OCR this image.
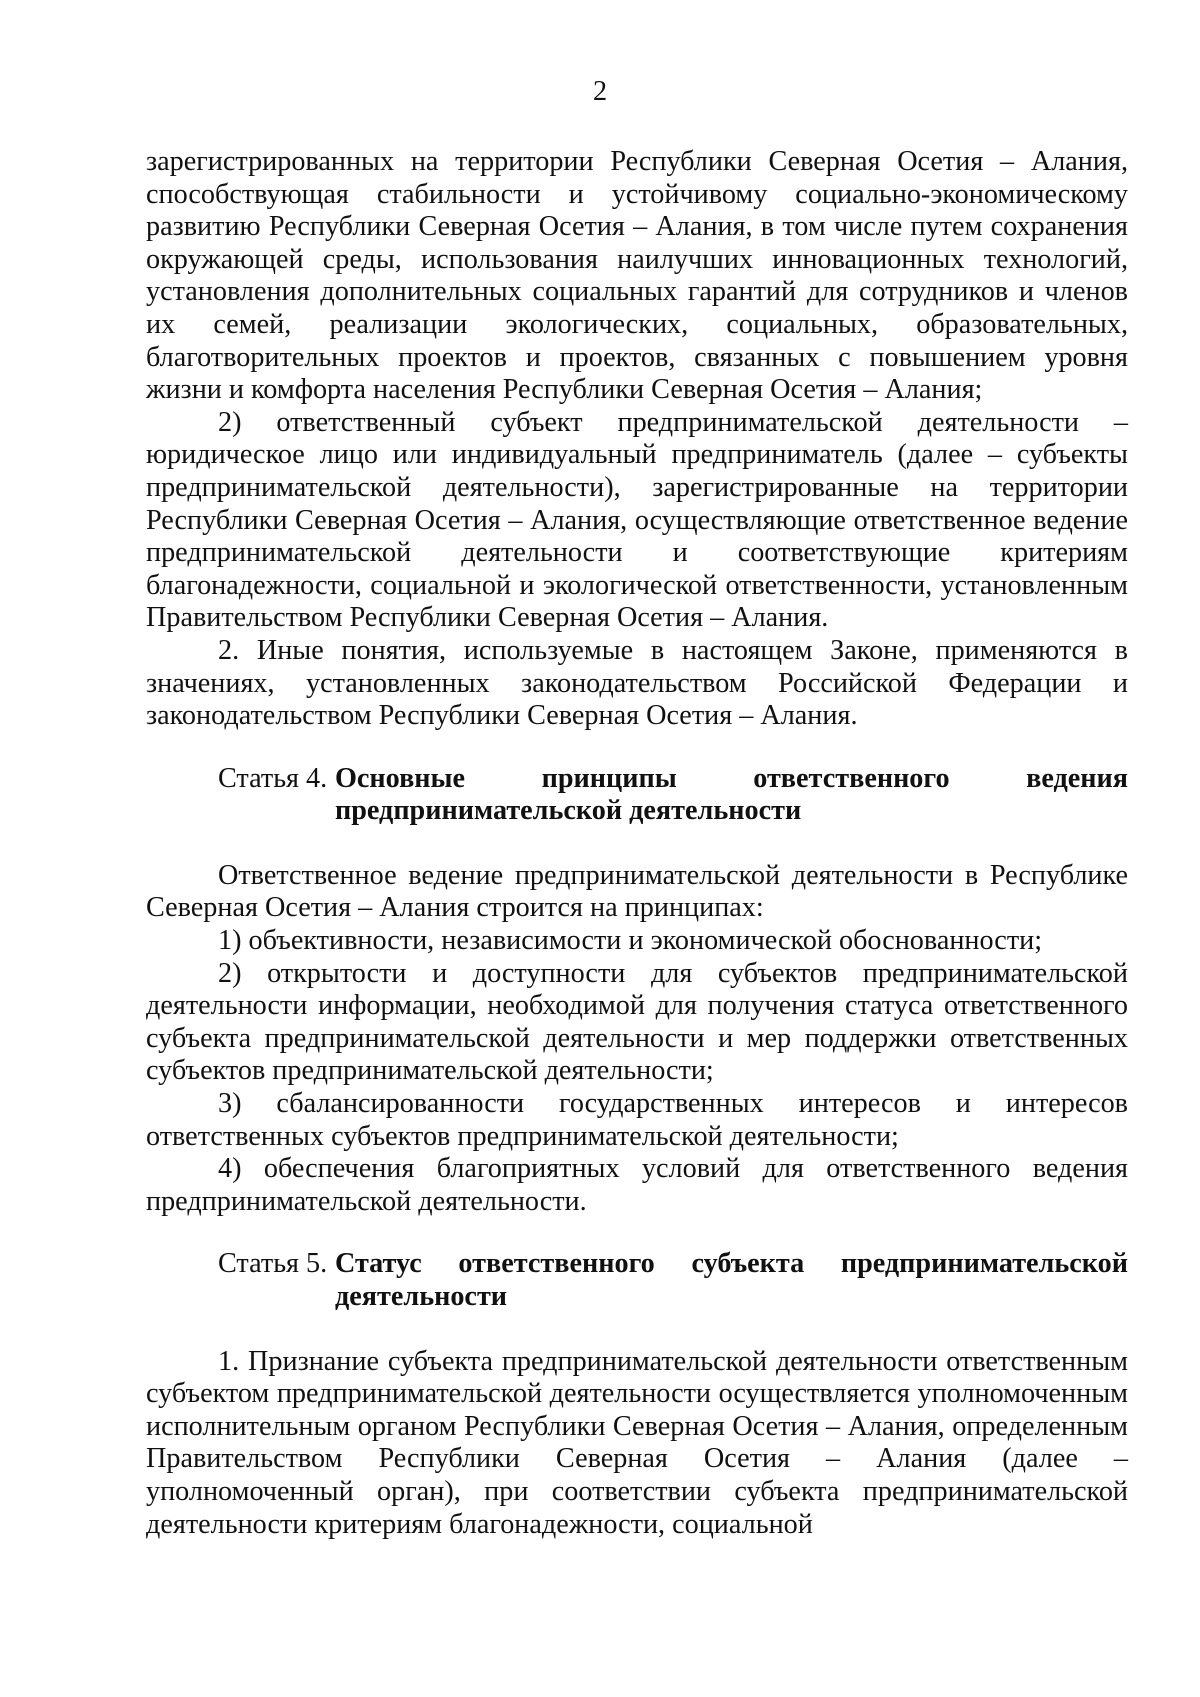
2

зарегистрированных на территории Республики Северная Осетия – Алания, способствующая стабильности и устойчивому социально-экономическому развитию Республики Северная Осетия – Алания, в том числе путем сохранения окружающей среды, использования наилучших инновационных технологий, установления дополнительных социальных гарантий для сотрудников и членов их семей, реализации экологических, социальных, образовательных, благотворительных проектов и проектов, связанных с повышением уровня жизни и комфорта населения Республики Северная Осетия – Алания;

2) ответственный субъект предпринимательской деятельности – юридическое лицо или индивидуальный предприниматель (далее – субъекты предпринимательской деятельности), зарегистрированные на территории Республики Северная Осетия – Алания, осуществляющие ответственное ведение предпринимательской деятельности и соответствующие критериям благонадежности, социальной и экологической ответственности, установленным Правительством Республики Северная Осетия – Алания.

2. Иные понятия, используемые в настоящем Законе, применяются в значениях, установленных законодательством Российской Федерации и законодательством Республики Северная Осетия – Алания.

Статья 4. Основные принципы ответственного ведения предпринимательской деятельности

Ответственное ведение предпринимательской деятельности в Республике Северная Осетия – Алания строится на принципах:

1) объективности, независимости и экономической обоснованности;

2) открытости и доступности для субъектов предпринимательской деятельности информации, необходимой для получения статуса ответственного субъекта предпринимательской деятельности и мер поддержки ответственных субъектов предпринимательской деятельности;

3) сбалансированности государственных интересов и интересов ответственных субъектов предпринимательской деятельности;

4) обеспечения благоприятных условий для ответственного ведения предпринимательской деятельности.

Статья 5. Статус ответственного субъекта предпринимательской деятельности

1. Признание субъекта предпринимательской деятельности ответственным субъектом предпринимательской деятельности осуществляется уполномоченным исполнительным органом Республики Северная Осетия – Алания, определенным Правительством Республики Северная Осетия – Алания (далее – уполномоченный орган), при соответствии субъекта предпринимательской деятельности критериям благонадежности, социальной
